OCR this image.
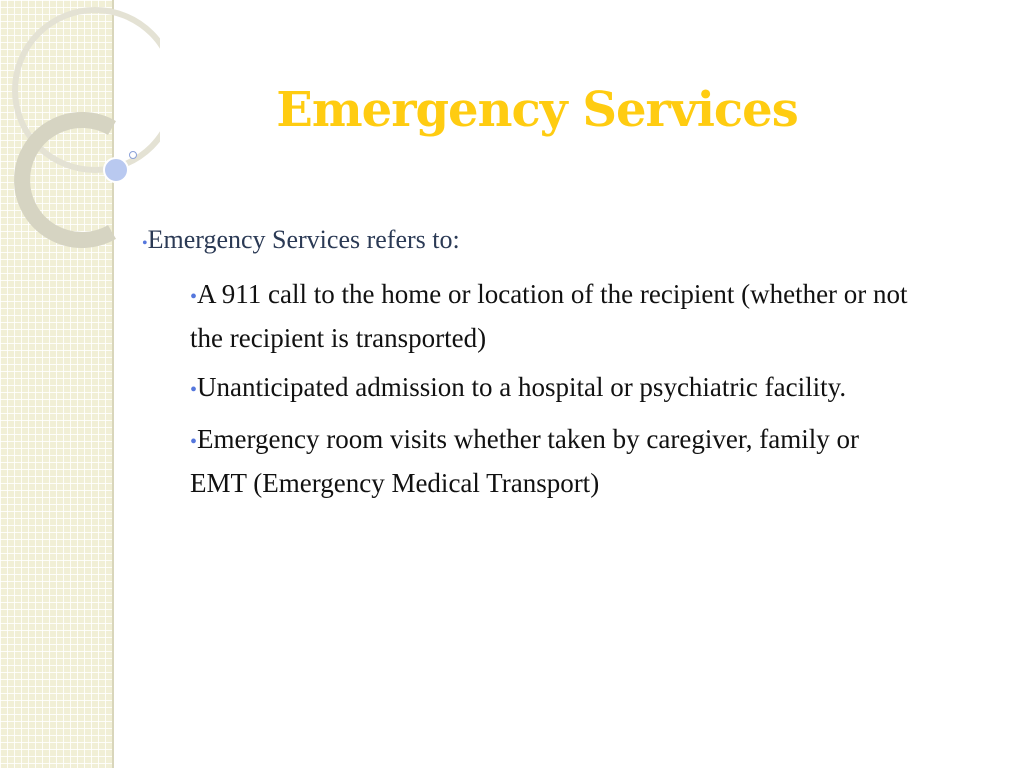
Emergency Services

•Emergency Services refers to:

•A 911 call to the home or location of the recipient (whether or not the recipient is transported)

•Unanticipated admission to a hospital or psychiatric facility.

•Emergency room visits whether taken by caregiver, family or EMT (Emergency Medical Transport)
